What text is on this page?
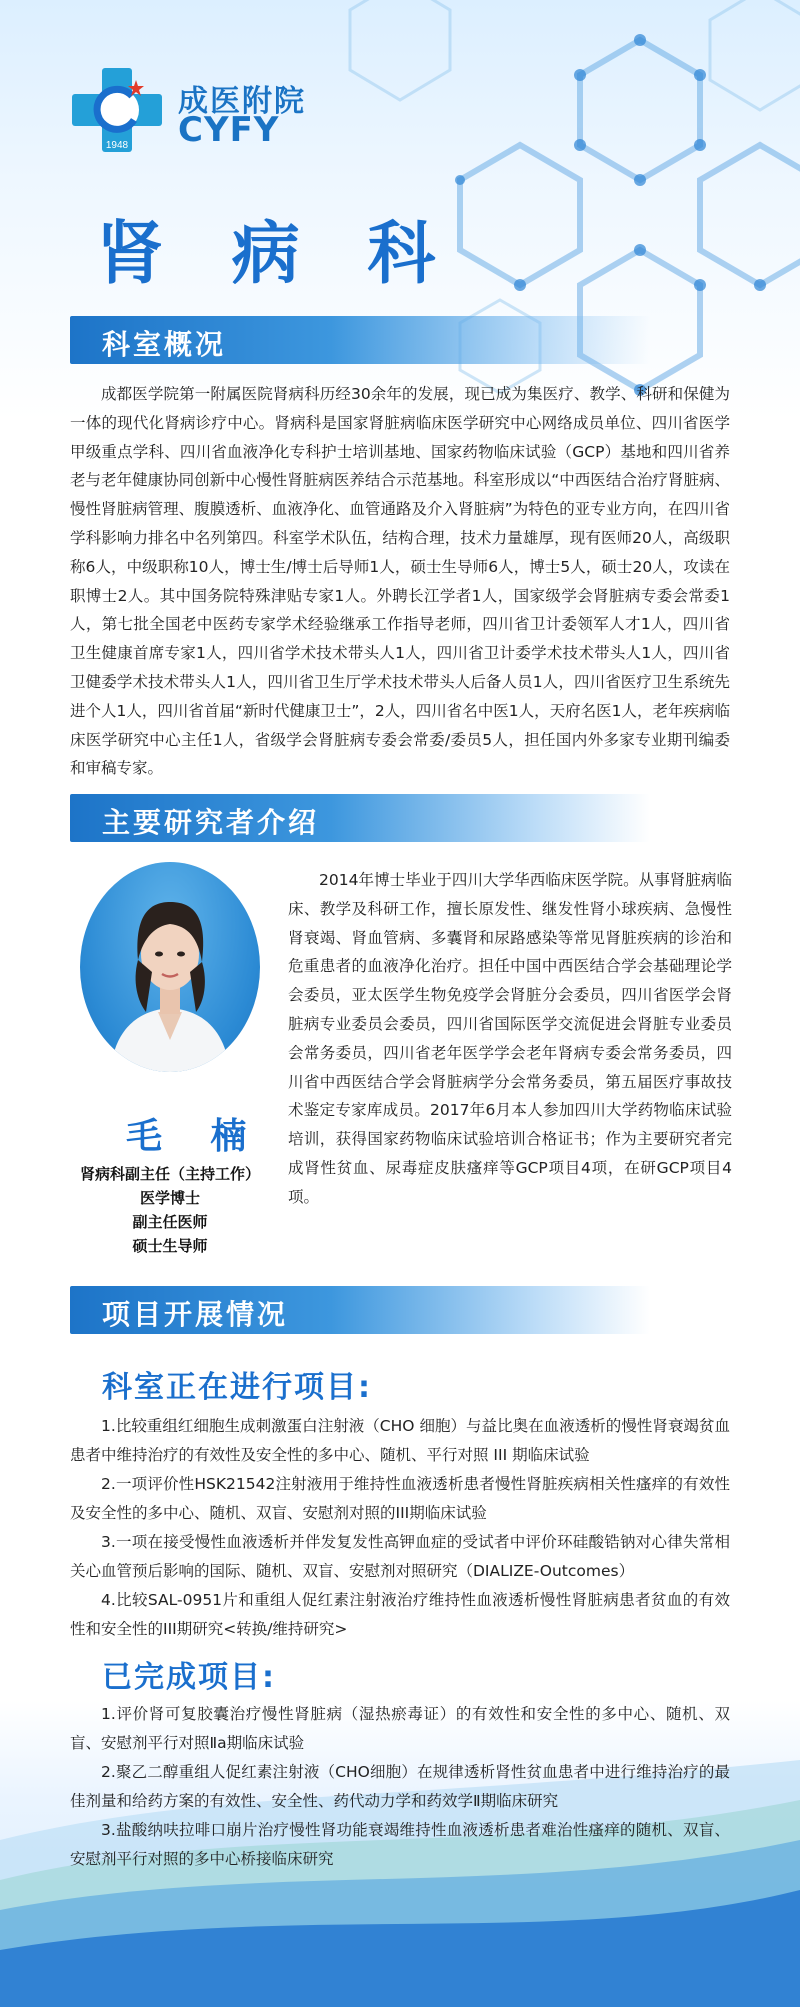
1948
成医附院
CYFY
肾 病 科
科室概况

成都医学院第一附属医院肾病科历经30余年的发展，现已成为集医疗、教学、科研和保健为一体的现代化肾病诊疗中心。肾病科是国家肾脏病临床医学研究中心网络成员单位、四川省医学甲级重点学科、四川省血液净化专科护士培训基地、国家药物临床试验（GCP）基地和四川省养老与老年健康协同创新中心慢性肾脏病医养结合示范基地。科室形成以“中西医结合治疗肾脏病、慢性肾脏病管理、腹膜透析、血液净化、血管通路及介入肾脏病”为特色的亚专业方向，在四川省学科影响力排名中名列第四。科室学术队伍，结构合理，技术力量雄厚，现有医师20人，高级职称6人，中级职称10人，博士生/博士后导师1人，硕士生导师6人，博士5人，硕士20人，攻读在职博士2人。其中国务院特殊津贴专家1人。外聘长江学者1人，国家级学会肾脏病专委会常委1人，第七批全国老中医药专家学术经验继承工作指导老师，四川省卫计委领军人才1人，四川省卫生健康首席专家1人，四川省学术技术带头人1人，四川省卫计委学术技术带头人1人，四川省卫健委学术技术带头人1人，四川省卫生厅学术技术带头人后备人员1人，四川省医疗卫生系统先进个人1人，四川省首届“新时代健康卫士”，2人，四川省名中医1人，天府名医1人，老年疾病临床医学研究中心主任1人，省级学会肾脏病专委会常委/委员5人，担任国内外多家专业期刊编委和审稿专家。

主要研究者介绍
毛 楠
肾病科副主任（主持工作）
医学博士
副主任医师
硕士生导师

2014年博士毕业于四川大学华西临床医学院。从事肾脏病临床、教学及科研工作，擅长原发性、继发性肾小球疾病、急慢性肾衰竭、肾血管病、多囊肾和尿路感染等常见肾脏疾病的诊治和危重患者的血液净化治疗。担任中国中西医结合学会基础理论学会委员，亚太医学生物免疫学会肾脏分会委员，四川省医学会肾脏病专业委员会委员，四川省国际医学交流促进会肾脏专业委员会常务委员，四川省老年医学学会老年肾病专委会常务委员，四川省中西医结合学会肾脏病学分会常务委员，第五届医疗事故技术鉴定专家库成员。2017年6月本人参加四川大学药物临床试验培训，获得国家药物临床试验培训合格证书；作为主要研究者完成肾性贫血、尿毒症皮肤瘙痒等GCP项目4项，在研GCP项目4项。

项目开展情况
科室正在进行项目:

1.比较重组红细胞生成刺激蛋白注射液（CHO 细胞）与益比奥在血液透析的慢性肾衰竭贫血患者中维持治疗的有效性及安全性的多中心、随机、平行对照 III 期临床试验

2.一项评价性HSK21542注射液用于维持性血液透析患者慢性肾脏疾病相关性瘙痒的有效性及安全性的多中心、随机、双盲、安慰剂对照的III期临床试验

3.一项在接受慢性血液透析并伴发复发性高钾血症的受试者中评价环硅酸锆钠对心律失常相关心血管预后影响的国际、随机、双盲、安慰剂对照研究（DIALIZE-Outcomes）

4.比较SAL-0951片和重组人促红素注射液治疗维持性血液透析慢性肾脏病患者贫血的有效性和安全性的III期研究<转换/维持研究>

已完成项目:

1.评价肾可复胶囊治疗慢性肾脏病（湿热瘀毒证）的有效性和安全性的多中心、随机、双盲、安慰剂平行对照Ⅱa期临床试验

2.聚乙二醇重组人促红素注射液（CHO细胞）在规律透析肾性贫血患者中进行维持治疗的最佳剂量和给药方案的有效性、安全性、药代动力学和药效学Ⅱ期临床研究

3.盐酸纳呋拉啡口崩片治疗慢性肾功能衰竭维持性血液透析患者难治性瘙痒的随机、双盲、安慰剂平行对照的多中心桥接临床研究
